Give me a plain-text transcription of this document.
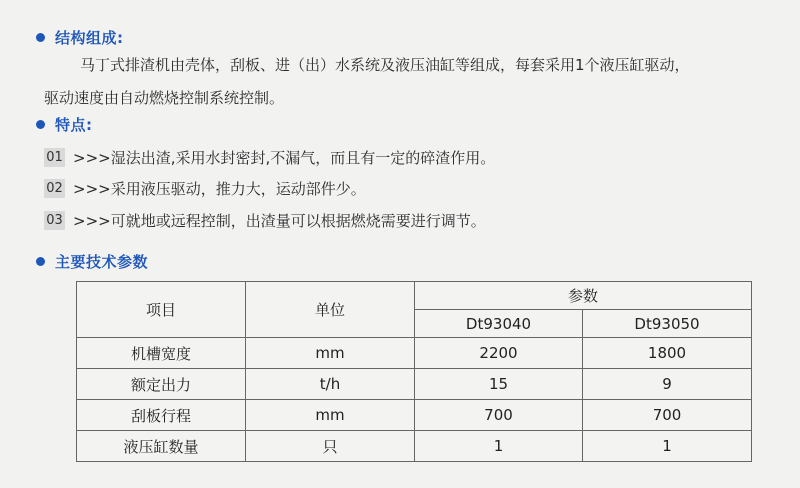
结构组成:
马丁式排渣机由壳体，刮板、进（出）水系统及液压油缸等组成，每套采用1个液压缸驱动，
驱动速度由自动燃烧控制系统控制。
特点:
01 >>>湿法出渣,采用水封密封,不漏气，而且有一定的碎渣作用。
02 >>>采用液压驱动，推力大，运动部件少。
03 >>>可就地或远程控制，出渣量可以根据燃烧需要进行调节。
主要技术参数
项目	单位	参数	
		Dt93040	Dt93050
机槽宽度	mm	2200	1800
额定出力	t/h	15	9
刮板行程	mm	700	700
液压缸数量	只	1	1
